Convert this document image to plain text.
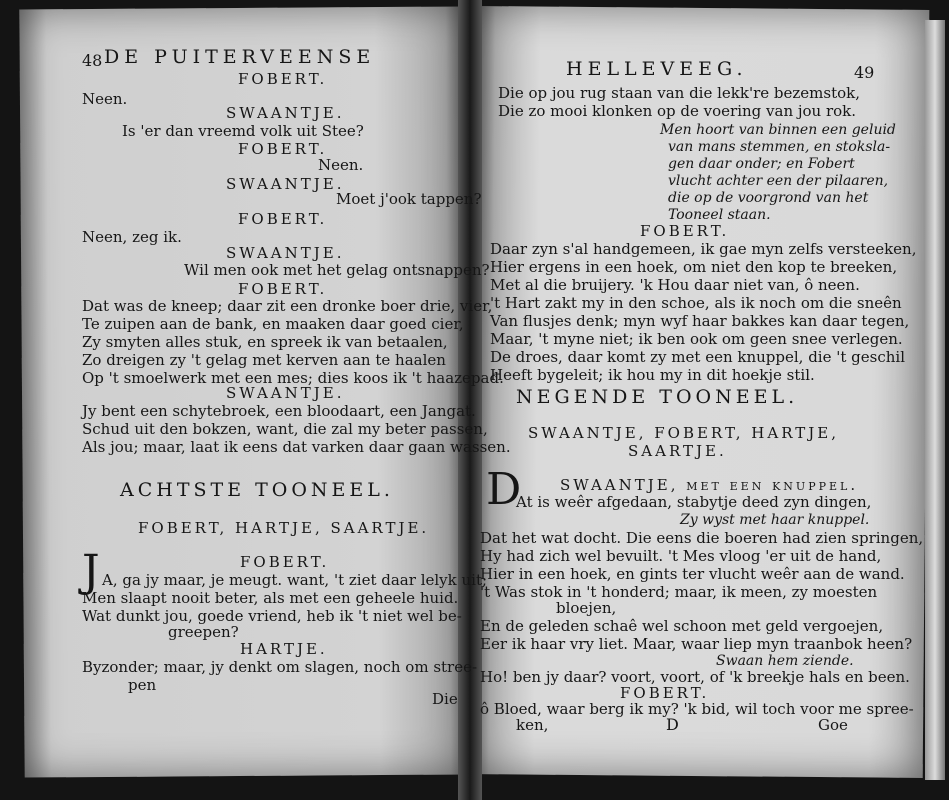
48 DE PUITERVEENSE
FOBERT.
Neen.
SWAANTJE.
Is 'er dan vreemd volk uit Stee?
FOBERT.
Neen.
SWAANTJE.
Moet j'ook tappen?
FOBERT.
Neen, zeg ik.
SWAANTJE.
Wil men ook met het gelag ontsnappen?
FOBERT.
Dat was de kneep; daar zit een dronke boer drie, vier,
Te zuipen aan de bank, en maaken daar goed cier,
Zy smyten alles stuk, en spreek ik van betaalen,
Zo dreigen zy 't gelag met kerven aan te haalen
Op 't smoelwerk met een mes; dies koos ik 't haazepad.
SWAANTJE.
Jy bent een schytebroek, een bloodaart, een Jangat.
Schud uit den bokzen, want, die zal my beter passen,
Als jou; maar, laat ik eens dat varken daar gaan wassen.
ACHTSTE TOONEEL.
FOBERT, HARTJE, SAARTJE.
FOBERT.
J A, ga jy maar, je meugt. want, 't ziet daar lelyk uit;
Men slaapt nooit beter, als met een geheele huid.
Wat dunkt jou, goede vriend, heb ik 't niet wel be-
greepen?
HARTJE.
Byzonder; maar, jy denkt om slagen, noch om stree-
pen
Die
HELLEVEEG.	49
Die op jou rug staan van die lekk're bezemstok,
Die zo mooi klonken op de voering van jou rok.
Men hoort van binnen een geluid
van mans stemmen, en stokslа-
gen daar onder; en Fobert
vlucht achter een der pilaaren,
die op de voorgrond van het
Tooneel staan.
FOBERT.
Daar zyn s'al handgemeen, ik gae myn zelfs versteeken,
Hier ergens in een hoek, om niet den kop te breeken,
Met al die bruijery. 'k Hou daar niet van, ô neen.
't Hart zakt my in den schoe, als ik noch om die sneên
Van flusjes denk; myn wyf haar bakkes kan daar tegen,
Maar, 't myne niet; ik ben ook om geen snee verlegen.
De droes, daar komt zy met een knuppel, die 't geschil
Heeft bygeleit; ik hou my in dit hoekje stil.
NEGENDE TOONEEL.
SWAANTJE, FOBERT, HARTJE,
SAARTJE.
D	SWAANTJE, met een knuppel.
At is weêr afgedaan, stabytje deed zyn dingen,
Zy wyst met haar knuppel.
Dat het wat docht. Die eens die boeren had zien springen,
Hy had zich wel bevuilt. 't Mes vloog 'er uit de hand,
Hier in een hoek, en gints ter vlucht weêr aan de wand.
't Was stok in 't honderd; maar, ik meen, zy moesten
bloejen,
En de geleden schaê wel schoon met geld vergoejen,
Eer ik haar vry liet. Maar, waar liep myn traanbok heen?
Swaan hem ziende.
Ho! ben jy daar? voort, voort, of 'k breekje hals en been.
FOBERT.
ô Bloed, waar berg ik my? 'k bid, wil toch voor me spree-
ken,	D	Goe
